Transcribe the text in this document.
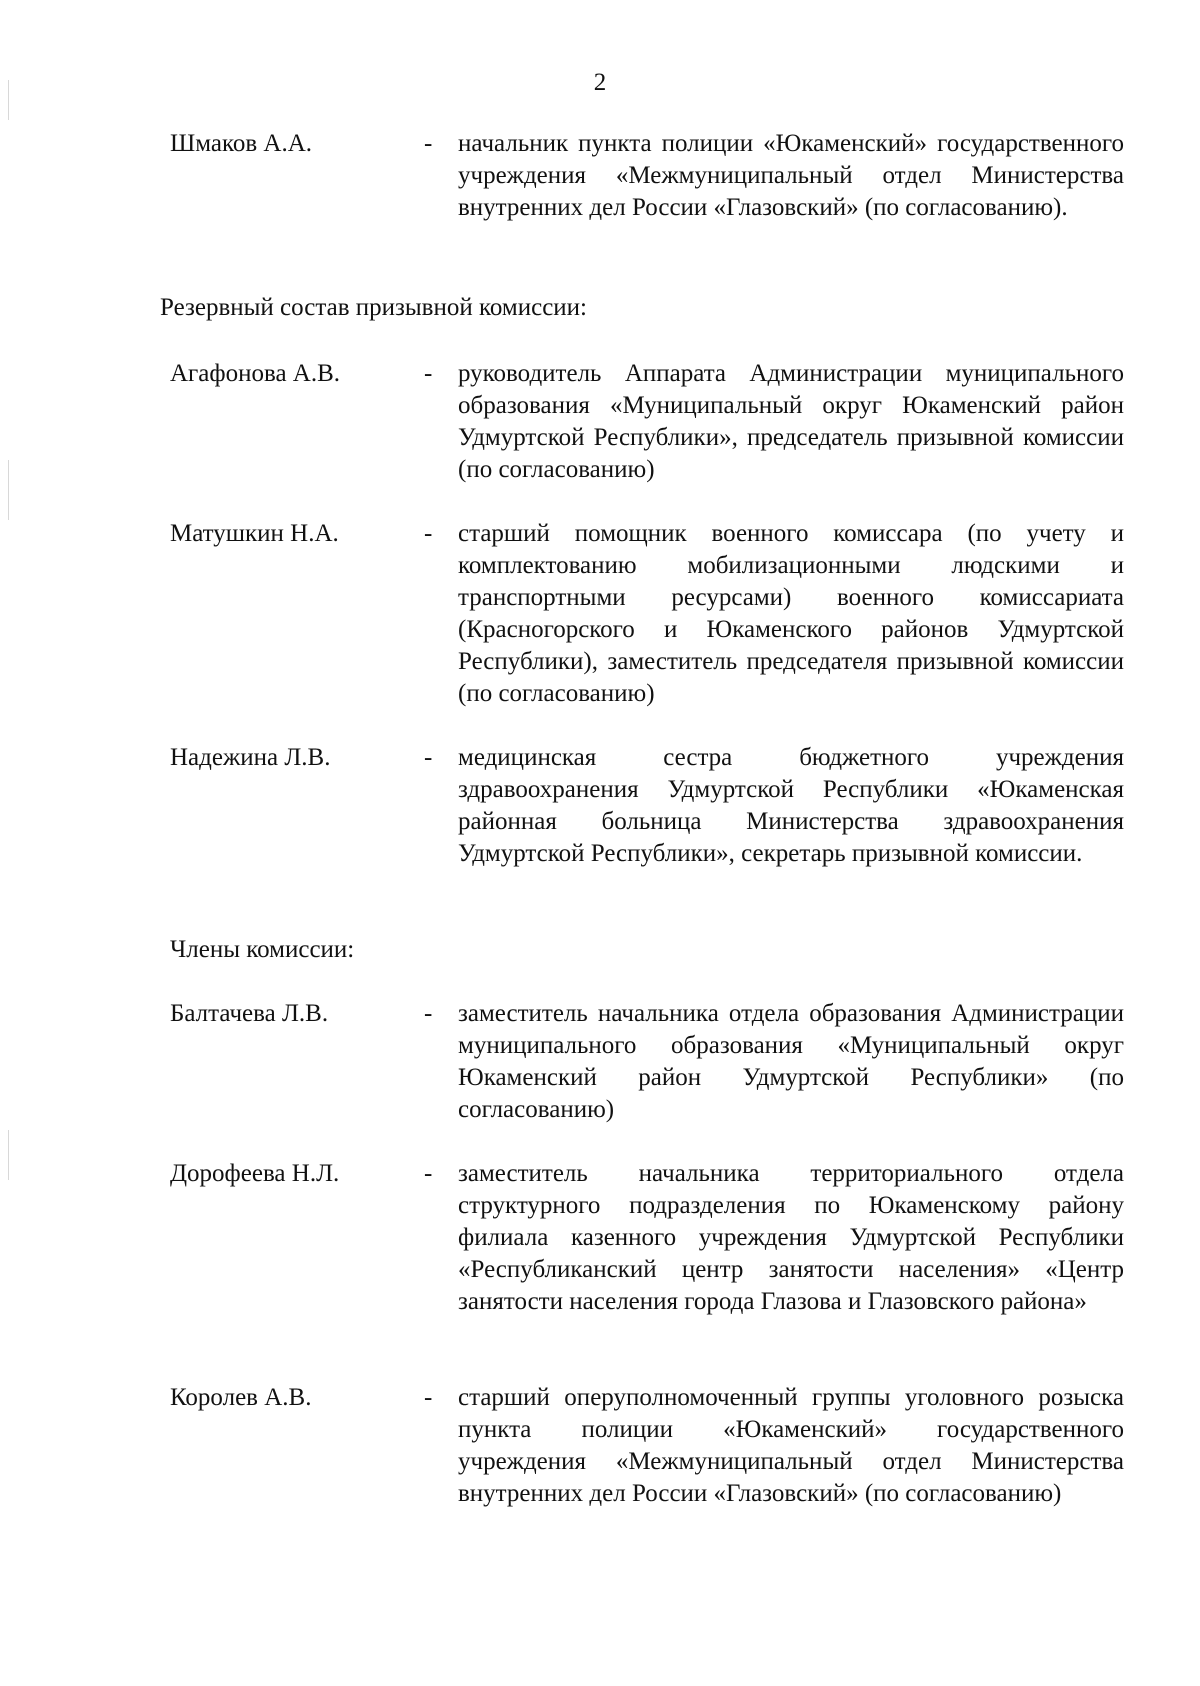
2
Шмаков А.А.	- начальник пункта полиции «Юкаменский» государственного учреждения «Межмуниципальный отдел Министерства внутренних дел России «Глазовский» (по согласованию).
Резервный состав призывной комиссии:
Агафонова А.В.	- руководитель Аппарата Администрации муниципального образования «Муниципальный округ Юкаменский район Удмуртской Республики», председатель призывной комиссии (по согласованию)
Матушкин Н.А.	- старший помощник военного комиссара (по учету и комплектованию мобилизационными людскими и транспортными ресурсами) военного комиссариата (Красногорского и Юкаменского районов Удмуртской Республики), заместитель председателя призывной комиссии (по согласованию)
Надежина Л.В.	- медицинская сестра бюджетного учреждения здравоохранения Удмуртской Республики «Юкаменская районная больница Министерства здравоохранения Удмуртской Республики», секретарь призывной комиссии.
Члены комиссии:
Балтачева Л.В.	- заместитель начальника отдела образования Администрации муниципального образования «Муниципальный округ Юкаменский район Удмуртской Республики» (по согласованию)
Дорофеева Н.Л.	- заместитель начальника территориального отдела структурного подразделения по Юкаменскому району филиала казенного учреждения Удмуртской Республики «Республиканский центр занятости населения» «Центр занятости населения города Глазова и Глазовского района»
Королев А.В.	- старший оперуполномоченный группы уголовного розыска пункта полиции «Юкаменский» государственного учреждения «Межмуниципальный отдел Министерства внутренних дел России «Глазовский» (по согласованию)
